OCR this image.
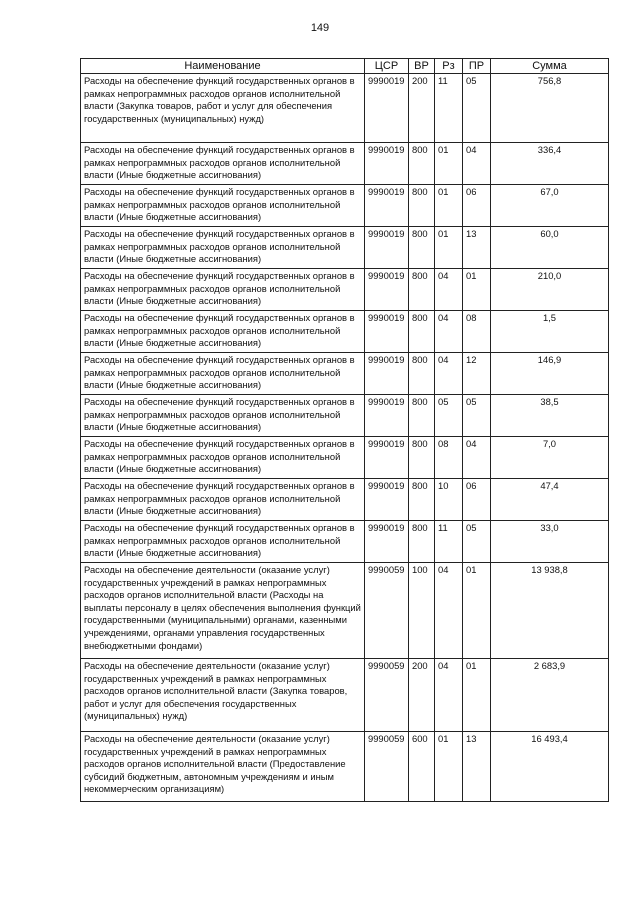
149
Наименование	ЦСР	ВР	Рз	ПР	Сумма
Расходы на обеспечение функций государственных органов в рамках непрограммных расходов органов исполнительной власти (Закупка товаров, работ и услуг для обеспечения государственных (муниципальных) нужд)	9990019	200	11	05	756,8
Расходы на обеспечение функций государственных органов в рамках непрограммных расходов органов исполнительной власти (Иные бюджетные ассигнования)	9990019	800	01	04	336,4
Расходы на обеспечение функций государственных органов в рамках непрограммных расходов органов исполнительной власти (Иные бюджетные ассигнования)	9990019	800	01	06	67,0
Расходы на обеспечение функций государственных органов в рамках непрограммных расходов органов исполнительной власти (Иные бюджетные ассигнования)	9990019	800	01	13	60,0
Расходы на обеспечение функций государственных органов в рамках непрограммных расходов органов исполнительной власти (Иные бюджетные ассигнования)	9990019	800	04	01	210,0
Расходы на обеспечение функций государственных органов в рамках непрограммных расходов органов исполнительной власти (Иные бюджетные ассигнования)	9990019	800	04	08	1,5
Расходы на обеспечение функций государственных органов в рамках непрограммных расходов органов исполнительной власти (Иные бюджетные ассигнования)	9990019	800	04	12	146,9
Расходы на обеспечение функций государственных органов в рамках непрограммных расходов органов исполнительной власти (Иные бюджетные ассигнования)	9990019	800	05	05	38,5
Расходы на обеспечение функций государственных органов в рамках непрограммных расходов органов исполнительной власти (Иные бюджетные ассигнования)	9990019	800	08	04	7,0
Расходы на обеспечение функций государственных органов в рамках непрограммных расходов органов исполнительной власти (Иные бюджетные ассигнования)	9990019	800	10	06	47,4
Расходы на обеспечение функций государственных органов в рамках непрограммных расходов органов исполнительной власти (Иные бюджетные ассигнования)	9990019	800	11	05	33,0
Расходы на обеспечение деятельности (оказание услуг) государственных учреждений в рамках непрограммных расходов органов исполнительной власти (Расходы на выплаты персоналу в целях обеспечения выполнения функций государственными (муниципальными) органами, казенными учреждениями, органами управления государственных внебюджетными фондами)	9990059	100	04	01	13 938,8
Расходы на обеспечение деятельности (оказание услуг) государственных учреждений в рамках непрограммных расходов органов исполнительной власти (Закупка товаров, работ и услуг для обеспечения государственных (муниципальных) нужд)	9990059	200	04	01	2 683,9
Расходы на обеспечение деятельности (оказание услуг) государственных учреждений в рамках непрограммных расходов органов исполнительной власти (Предоставление субсидий бюджетным, автономным учреждениям и иным некоммерческим организациям)	9990059	600	01	13	16 493,4
